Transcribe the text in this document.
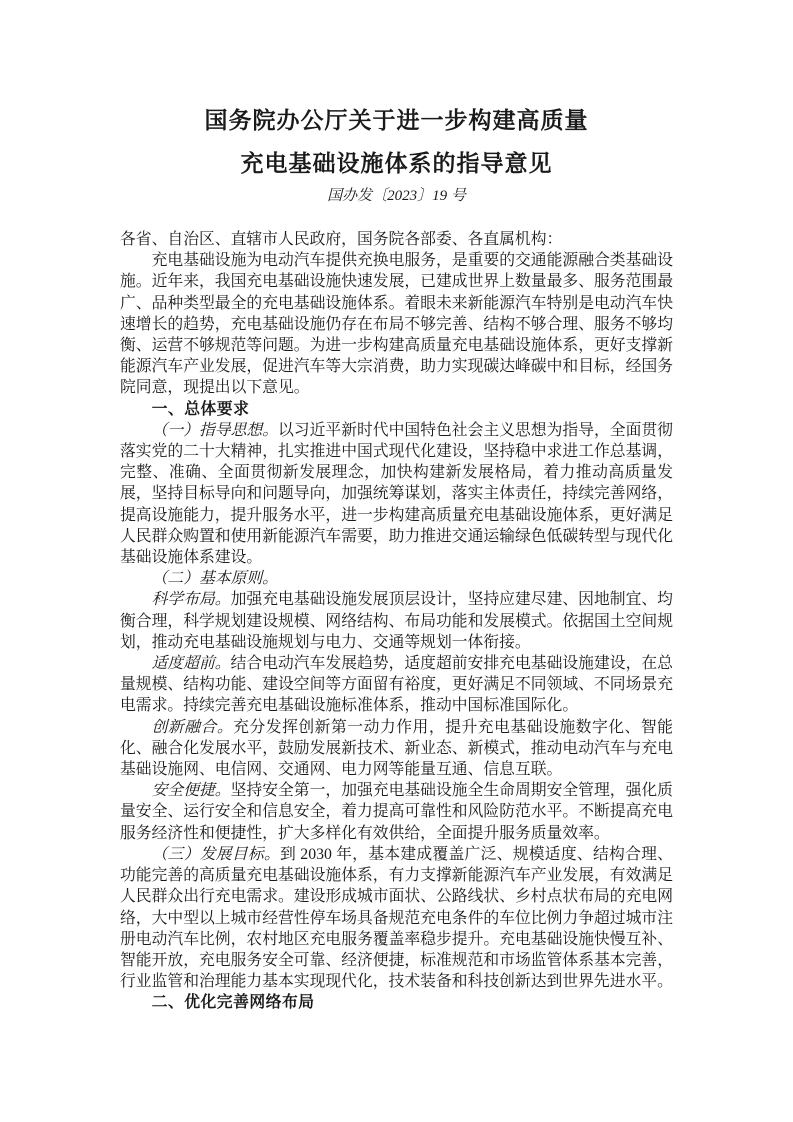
国务院办公厅关于进一步构建高质量
充电基础设施体系的指导意见
国办发〔2023〕19 号

各省、自治区、直辖市人民政府，国务院各部委、各直属机构：

充电基础设施为电动汽车提供充换电服务，是重要的交通能源融合类基础设施。近年来，我国充电基础设施快速发展，已建成世界上数量最多、服务范围最广、品种类型最全的充电基础设施体系。着眼未来新能源汽车特别是电动汽车快速增长的趋势，充电基础设施仍存在布局不够完善、结构不够合理、服务不够均衡、运营不够规范等问题。为进一步构建高质量充电基础设施体系，更好支撑新能源汽车产业发展，促进汽车等大宗消费，助力实现碳达峰碳中和目标，经国务院同意，现提出以下意见。

一、总体要求

（一）指导思想。以习近平新时代中国特色社会主义思想为指导，全面贯彻落实党的二十大精神，扎实推进中国式现代化建设，坚持稳中求进工作总基调，完整、准确、全面贯彻新发展理念，加快构建新发展格局，着力推动高质量发展，坚持目标导向和问题导向，加强统筹谋划，落实主体责任，持续完善网络，提高设施能力，提升服务水平，进一步构建高质量充电基础设施体系，更好满足人民群众购置和使用新能源汽车需要，助力推进交通运输绿色低碳转型与现代化基础设施体系建设。

（二）基本原则。

科学布局。加强充电基础设施发展顶层设计，坚持应建尽建、因地制宜、均衡合理，科学规划建设规模、网络结构、布局功能和发展模式。依据国土空间规划，推动充电基础设施规划与电力、交通等规划一体衔接。

适度超前。结合电动汽车发展趋势，适度超前安排充电基础设施建设，在总量规模、结构功能、建设空间等方面留有裕度，更好满足不同领域、不同场景充电需求。持续完善充电基础设施标准体系，推动中国标准国际化。

创新融合。充分发挥创新第一动力作用，提升充电基础设施数字化、智能化、融合化发展水平，鼓励发展新技术、新业态、新模式，推动电动汽车与充电基础设施网、电信网、交通网、电力网等能量互通、信息互联。

安全便捷。坚持安全第一，加强充电基础设施全生命周期安全管理，强化质量安全、运行安全和信息安全，着力提高可靠性和风险防范水平。不断提高充电服务经济性和便捷性，扩大多样化有效供给，全面提升服务质量效率。

（三）发展目标。到 2030 年，基本建成覆盖广泛、规模适度、结构合理、功能完善的高质量充电基础设施体系，有力支撑新能源汽车产业发展，有效满足人民群众出行充电需求。建设形成城市面状、公路线状、乡村点状布局的充电网络，大中型以上城市经营性停车场具备规范充电条件的车位比例力争超过城市注册电动汽车比例，农村地区充电服务覆盖率稳步提升。充电基础设施快慢互补、智能开放，充电服务安全可靠、经济便捷，标准规范和市场监管体系基本完善，行业监管和治理能力基本实现现代化，技术装备和科技创新达到世界先进水平。

二、优化完善网络布局
